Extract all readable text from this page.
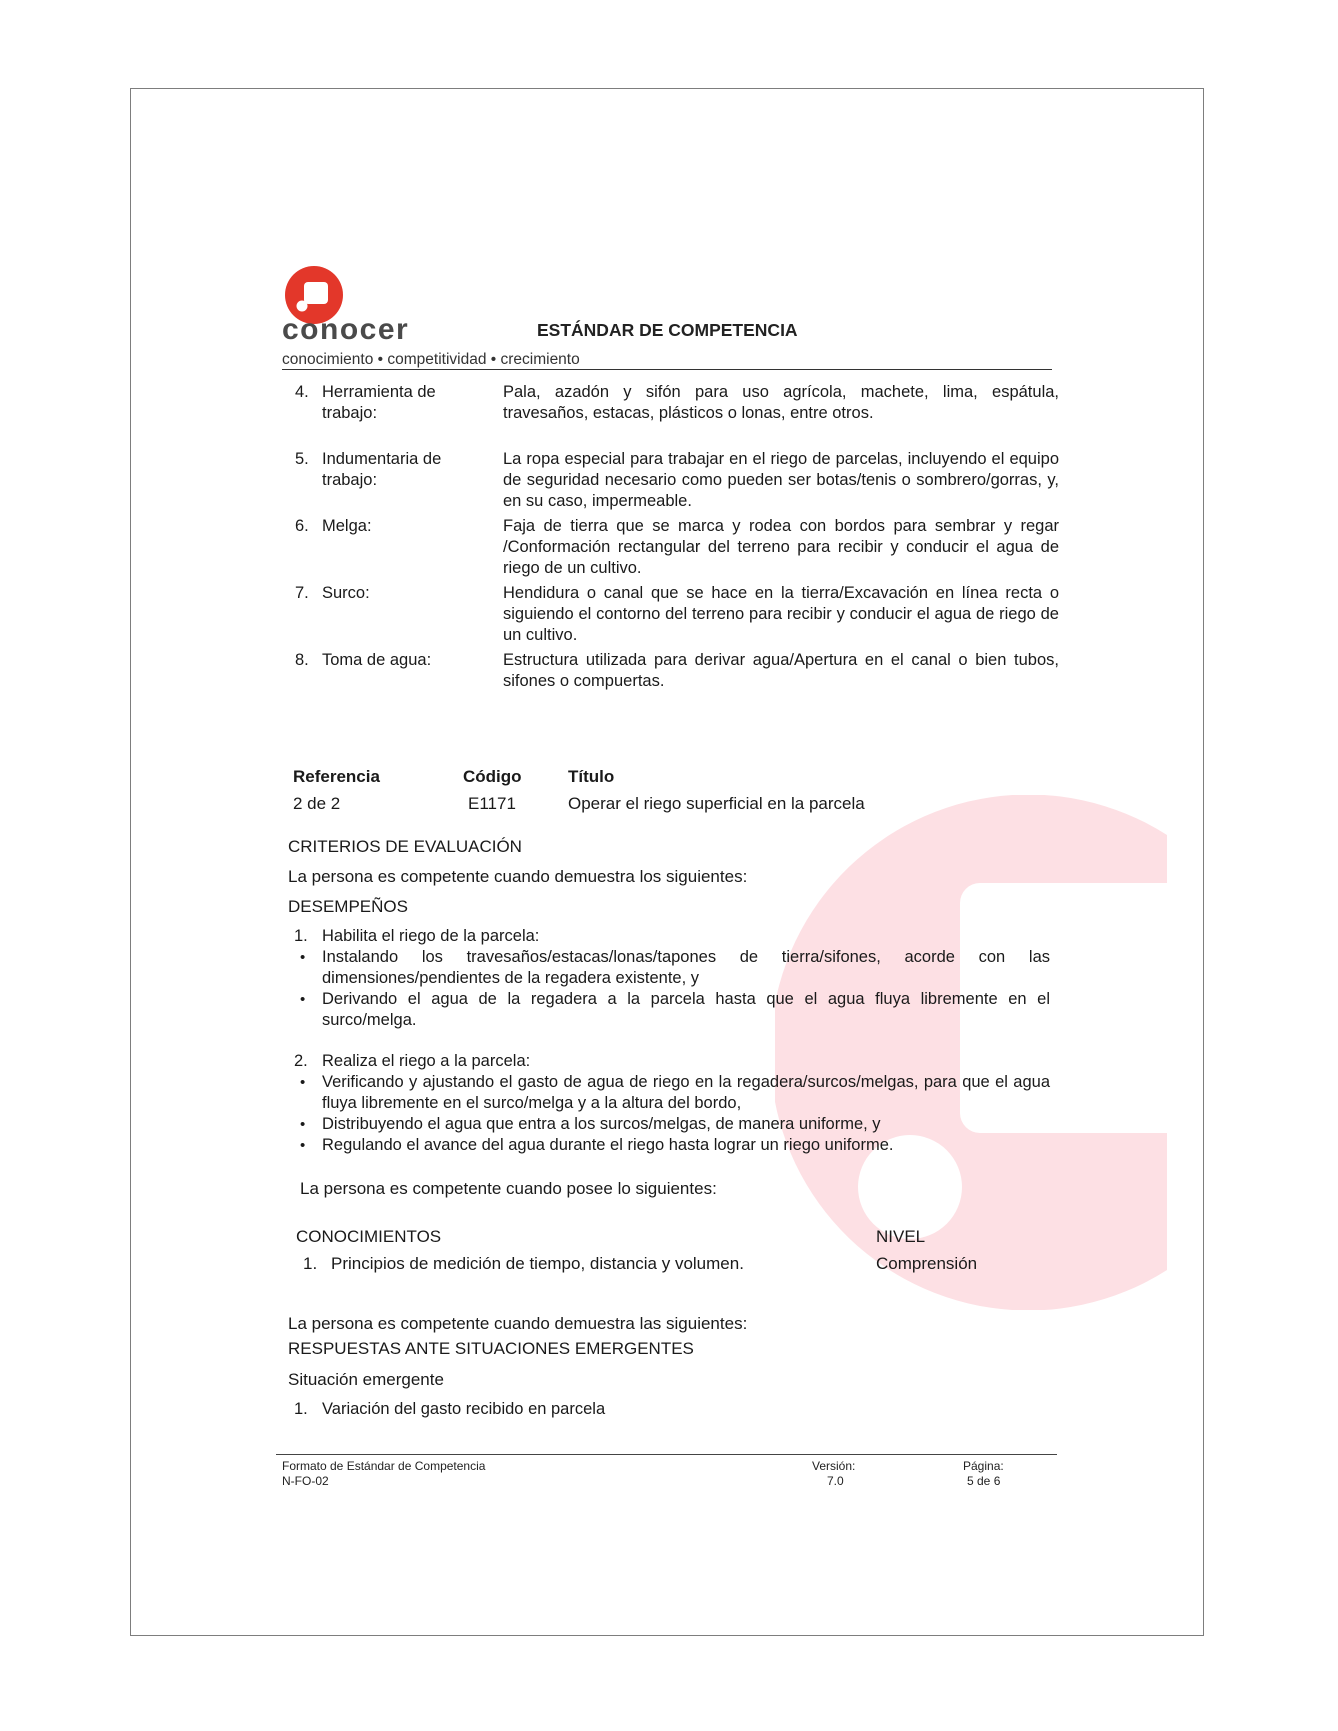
conocer
conocimiento • competitividad • crecimiento
ESTÁNDAR DE COMPETENCIA
4. Herramienta de trabajo:
Pala, azadón y sifón para uso agrícola, machete, lima, espátula, travesaños, estacas, plásticos o lonas, entre otros.
5. Indumentaria de trabajo:
La ropa especial para trabajar en el riego de parcelas, incluyendo el equipo de seguridad necesario como pueden ser botas/tenis o sombrero/gorras, y, en su caso, impermeable.
6. Melga:	Faja de tierra que se marca y rodea con bordos para sembrar y regar /Conformación rectangular del terreno para recibir y conducir el agua de riego de un cultivo.
7. Surco:	Hendidura o canal que se hace en la tierra/Excavación en línea recta o siguiendo el contorno del terreno para recibir y conducir el agua de riego de un cultivo.
8. Toma de agua:	Estructura utilizada para derivar agua/Apertura en el canal o bien tubos, sifones o compuertas.
Referencia	Código	Título
2 de 2	E1171	Operar el riego superficial en la parcela
CRITERIOS DE EVALUACIÓN
La persona es competente cuando demuestra los siguientes:
DESEMPEÑOS
1. Habilita el riego de la parcela:
• Instalando los travesaños/estacas/lonas/tapones de tierra/sifones, acorde con las dimensiones/pendientes de la regadera existente, y
• Derivando el agua de la regadera a la parcela hasta que el agua fluya libremente en el surco/melga.
2. Realiza el riego a la parcela:
• Verificando y ajustando el gasto de agua de riego en la regadera/surcos/melgas, para que el agua fluya libremente en el surco/melga y a la altura del bordo,
• Distribuyendo el agua que entra a los surcos/melgas, de manera uniforme, y
• Regulando el avance del agua durante el riego hasta lograr un riego uniforme.
La persona es competente cuando posee lo siguientes:
CONOCIMIENTOS	NIVEL
1. Principios de medición de tiempo, distancia y volumen.	Comprensión
La persona es competente cuando demuestra las siguientes:
RESPUESTAS ANTE SITUACIONES EMERGENTES
Situación emergente
1. Variación del gasto recibido en parcela
Formato de Estándar de Competencia
N-FO-02
Versión:
7.0
Página:
5 de 6
